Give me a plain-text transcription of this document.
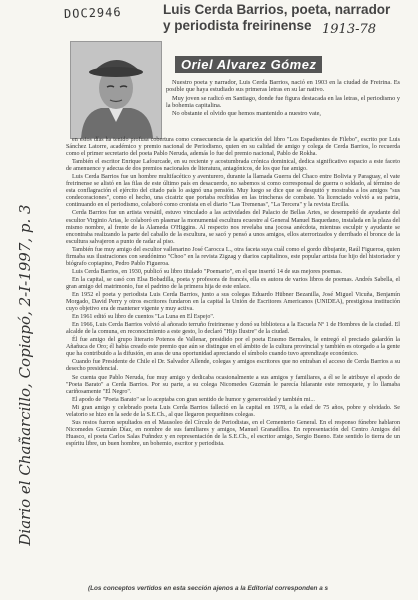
DOC2946	Luis Cerda Barrios, poeta, narrador y periodista freirinense 1913-78
Oriel Alvarez Gómez

Nuestro poeta y narrador, Luis Cerda Barrios, nació en 1903 en la ciudad de Freirina. Es posible que haya estudiado sus primeras letras en su lar nativo.

Muy joven se radicó en Santiago, donde fue figura destacada en las letras, el periodismo y la bohemia capitalina.

No obstante el olvido que hemos mantenido a nuestro vate,

Diario el Chañarcillo, Copiapó, 2-I-1997, p. 3

en estos días ha tenido profusa cobertura como consecuencia de la aparición del libro "Los Espadientes de Filebo", escrito por Luis Sánchez Latorre, académico y premio nacional de Periodismo, quien en su calidad de amigo y colega de Cerda Barrios, lo recuerda como el primer secretario del poeta Pablo Neruda, además lo fue del premio nacional, Pablo de Rokha.

También el escritor Enrique Lafourcade, en su reciente y acostumbrada crónica dominical, dedica significativo espacio a este faceto de amenuence y adecua de dos premios nacionales de literatura, antagónicos, de los que fue amigo.

Luis Cerda Barrios fue un hombre multifacético y aventurero, durante la llamada Guerra del Chaco entre Bolivia y Paraguay, el vate freirinense se alistó en las filas de este último país en desacuerdo, no sabemos si como corresponsal de guerra o soldado, al término de esta conflagración el ejército del citado país lo asignó una pensión. Muy luego se dice que se desquitó y mostraba a los amigos "sus condecoraciones", como el hecho, una cicatriz que portaba recibidas en las trincheras de combate. Ya licenciado volvió a su patria, continuando en el periodismo, colaboró como cronista en el diario "Las Tremenas", "La Tercera" y la revista Ercilla.

Cerda Barrios fue un artista versátil, estuvo vinculado a las actividades del Palacio de Bellas Artes, se desempeñó de ayudante del escultor Virginio Arias, le colaboró en plasmar la monumental escultura ecuestre al General Manuel Baquedano, instalada en la plaza del mismo nombre, al frente de la Alameda O'Higgins. Al respecto nos revelaba una jocosa anécdota, mientras esculpir y ayudante se encontraba realizando la parte del caballo de la escultura, se sacó y pensó a unos amigos, ellos aterrorizados y derribado el bronce de la escultura salvajeron a punto de radar al piso.

También fue muy amigo del escultor vallenarino José Carocca L., otra faceta suya cuál como el gordo dibujante, Raúl Figueroa, quien firmaba sus ilustraciones con seudónimo "Choo" en la revista Zigzag y diarios capitalinos, este popular artista fue hijo del historiador y biógrafo copiapino, Pedro Pablo Figueroa.

Luis Cerda Barrios, en 1930, publicó su libro titulado "Poemario", en el que insertó 14 de sus mejores poemas.

En la capital, se casó con Elsa Bobadilla, poeta y profesora de francés, ella es autora de varios libros de poemas. Andrés Sabella, el gran amigo del matrimonio, fue el padrino de la primera hija de este enlace.

En 1952 el poeta y periodista Luis Cerda Barrios, junto a sus colegas Eduardo Hübner Bezanilla, José Miguel Vicuña, Benjamín Morgado, David Perry y otros escritores fundaron en la capital la Unión de Escritores Americanos (UNIDEA), prestigiosa institución cuyo objetivo era de mantener vigente y muy activa.

En 1961 editó su libro de cuentos "La Luna en El Espejo".

En 1966, Luis Cerda Barrios volvió al añorado terruño freirinense y donó su biblioteca a la Escuela Nº 1 de Hombres de la ciudad. El alcalde de la comuna, en reconocimiento a este gesto, lo declaró "Hijo Ilustre" de la ciudad.

Él fue amigo del grupo literario Potenos de Vallenar, presidido por el poeta Erasmo Bernales, le entregó el preciado galardón la Añañuca de Oro; él había creado este premio que aún se distingue en el ámbito de la cultura provincial y también es otorgado a la gente que ha contribuido a la difusión, en aras de una oportunidad apreciando el símbolo cuando tuvo aprendizaje económico.

Cuando fue Presidente de Chile el Dr. Salvador Allende, colegas y amigos escritores que no entraban el acceso de Cerda Barrios a su desecho presidencial.

Se cuenta que Pablo Neruda, fue muy amigo y dedicaba ocasionalmente a sus amigos y familiares, a él se le atribuye el apodo de "Poeta Barato" a Cerda Barrios. Por su parte, a su colega Nicomedes Guzmán le parecía hilarante este remoquete, y lo llamaba cariñosamente "El Negro".

El apodo de "Poeta Barato" se lo aceptaba con gran sentido de humor y generosidad y también mi...

Mi gran amigo y celebrado poeta Luis Cerda Barrios falleció en la capital en 1978, a la edad de 75 años, pobre y olvidado. Se velatorio se hizo en la sede de la S.E.Ch., al que llegaron pequeñines colegas.

Sus restos fueron sepultados en el Mausoleo del Círculo de Periodistas, en el Cementerio General. En el responso fúnebre hablaron Nicomedes Guzmán Díaz, en nombre de sus familiares y amigos, Manuel Granadillos. En representación del Centro Amigos del Huasco, el poeta Carlos Salas Fuñndez y en representación de la S.E.Ch., el escritor amigo, Sergio Bueno. Este sentido lo tierra de un espíritu libre, un buen hombre, un bohemio, escritor y periodista.

(Los conceptos vertidos en esta sección ajenos a la Editorial corresponden a s
